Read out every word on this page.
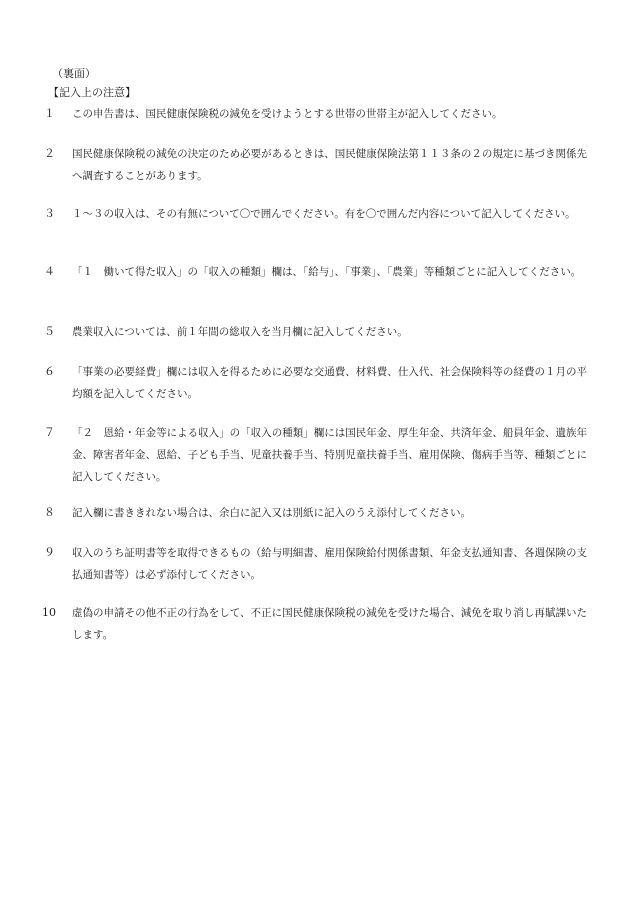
（裏面）
【記入上の注意】
１	この申告書は、国民健康保険税の減免を受けようとする世帯の世帯主が記入してください。
２	国民健康保険税の減免の決定のため必要があるときは、国民健康保険法第１１３条の２の規定に基づき関係先へ調査することがあります。
３	１～３の収入は、その有無について〇で囲んでください。有を〇で囲んだ内容について記入してください。
４	「１　働いて得た収入」の「収入の種類」欄は、「給与」、「事業」、「農業」等種類ごとに記入してください。
５	農業収入については、前１年間の総収入を当月欄に記入してください。
６	「事業の必要経費」欄には収入を得るために必要な交通費、材料費、仕入代、社会保険料等の経費の１月の平均額を記入してください。
７	「２　恩給・年金等による収入」の「収入の種類」欄には国民年金、厚生年金、共済年金、船員年金、遺族年金、障害者年金、恩給、子ども手当、児童扶養手当、特別児童扶養手当、雇用保険、傷病手当等、種類ごとに記入してください。
８	記入欄に書ききれない場合は、余白に記入又は別紙に記入のうえ添付してください。
９	収入のうち証明書等を取得できるもの（給与明細書、雇用保険給付関係書類、年金支払通知書、各週保険の支払通知書等）は必ず添付してください。
10	虚偽の申請その他不正の行為をして、不正に国民健康保険税の減免を受けた場合、減免を取り消し再賦課いたします。
